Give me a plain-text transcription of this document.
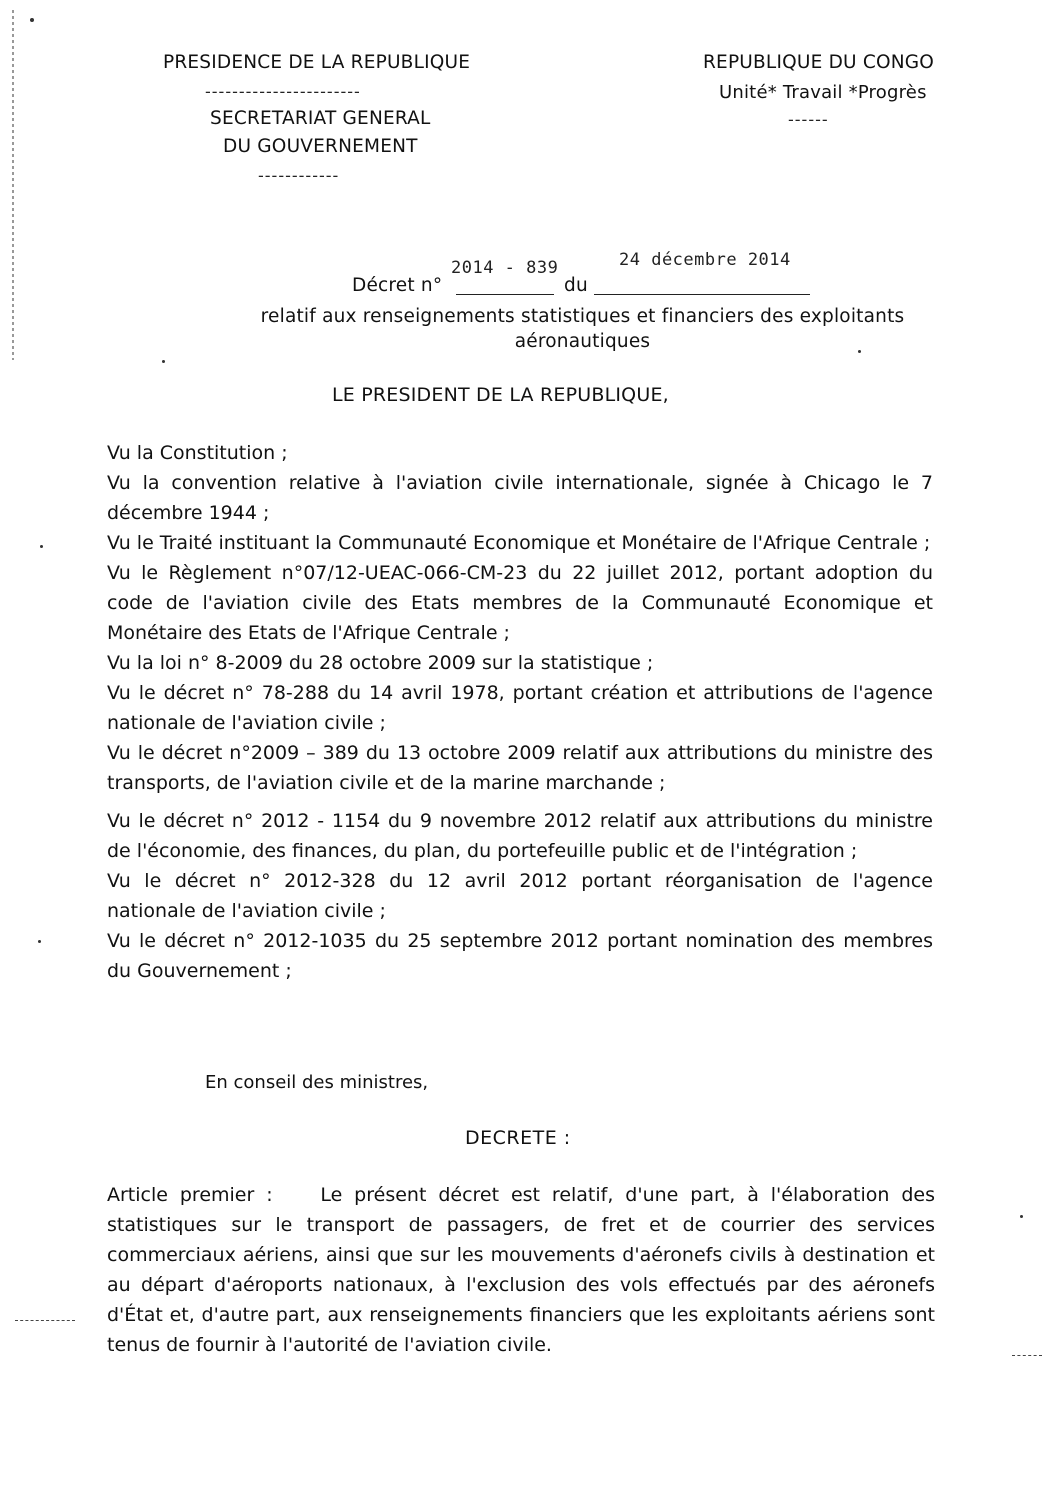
PRESIDENCE DE LA REPUBLIQUE
-----------------------
SECRETARIAT GENERAL
DU GOUVERNEMENT
------------
REPUBLIQUE DU CONGO
Unité* Travail *Progrès
------
2014 - 839	24 décembre 2014
Décret n°	du
relatif aux renseignements statistiques et financiers des exploitants
aéronautiques
LE PRESIDENT DE LA REPUBLIQUE,

Vu la Constitution ;

Vu la convention relative à l'aviation civile internationale, signée à Chicago le 7 décembre 1944 ;

Vu le Traité instituant la Communauté Economique et Monétaire de l'Afrique Centrale ;

Vu le Règlement n°07/12-UEAC-066-CM-23 du 22 juillet 2012, portant adoption du code de l'aviation civile des Etats membres de la Communauté Economique et Monétaire des Etats de l'Afrique Centrale ;

Vu la loi n° 8-2009 du 28 octobre 2009 sur la statistique ;

Vu le décret n° 78-288 du 14 avril 1978, portant création et attributions de l'agence nationale de l'aviation civile ;

Vu le décret n°2009 – 389 du 13 octobre 2009 relatif aux attributions du ministre des transports, de l'aviation civile et de la marine marchande ;

Vu le décret n° 2012 - 1154 du 9 novembre 2012 relatif aux attributions du ministre de l'économie, des finances, du plan, du portefeuille public et de l'intégration ;

Vu le décret n° 2012-328 du 12 avril 2012 portant réorganisation de l'agence nationale de l'aviation civile ;

Vu le décret n° 2012-1035 du 25 septembre 2012 portant nomination des membres du Gouvernement ;

En conseil des ministres,
DECRETE :

Article premier :	Le présent décret est relatif, d'une part, à l'élaboration des statistiques sur le transport de passagers, de fret et de courrier des services commerciaux aériens, ainsi que sur les mouvements d'aéronefs civils à destination et au départ d'aéroports nationaux, à l'exclusion des vols effectués par des aéronefs d'État et, d'autre part, aux renseignements financiers que les exploitants aériens sont tenus de fournir à l'autorité de l'aviation civile.
